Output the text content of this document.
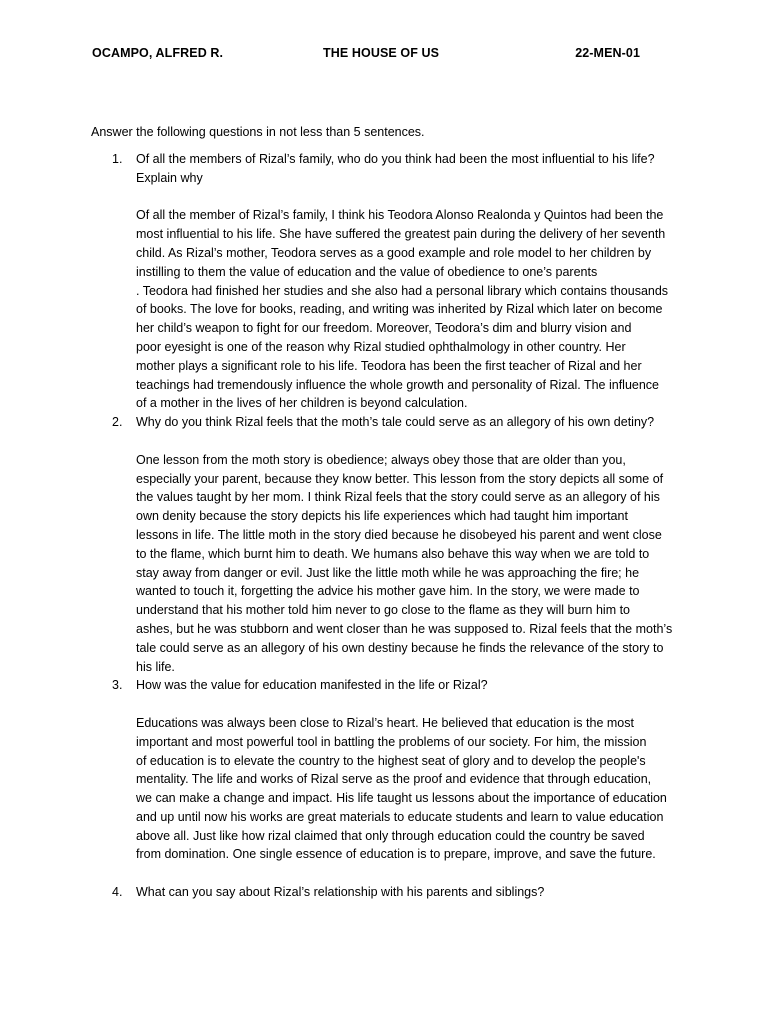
OCAMPO, ALFRED R.	THE HOUSE OF US	22-MEN-01
Answer the following questions in not less than 5 sentences.
1. Of all the members of Rizal’s family, who do you think had been the most influential to his life?
Explain why
Of all the member of Rizal’s family, I think his Teodora Alonso Realonda y Quintos had been the
most influential to his life. She have suffered the greatest pain during the delivery of her seventh
child. As Rizal’s mother, Teodora serves as a good example and role model to her children by
instilling to them the value of education and the value of obedience to one’s parents
. Teodora had finished her studies and she also had a personal library which contains thousands
of books. The love for books, reading, and writing was inherited by Rizal which later on become
her child’s weapon to fight for our freedom. Moreover, Teodora’s dim and blurry vision and
poor eyesight is one of the reason why Rizal studied ophthalmology in other country. Her
mother plays a significant role to his life. Teodora has been the first teacher of Rizal and her
teachings had tremendously influence the whole growth and personality of Rizal. The influence
of a mother in the lives of her children is beyond calculation.
2. Why do you think Rizal feels that the moth’s tale could serve as an allegory of his own detiny?
One lesson from the moth story is obedience; always obey those that are older than you,
especially your parent, because they know better. This lesson from the story depicts all some of
the values taught by her mom. I think Rizal feels that the story could serve as an allegory of his
own denity because the story depicts his life experiences which had taught him important
lessons in life. The little moth in the story died because he disobeyed his parent and went close
to the flame, which burnt him to death. We humans also behave this way when we are told to
stay away from danger or evil. Just like the little moth while he was approaching the fire; he
wanted to touch it, forgetting the advice his mother gave him. In the story, we were made to
understand that his mother told him never to go close to the flame as they will burn him to
ashes, but he was stubborn and went closer than he was supposed to. Rizal feels that the moth’s
tale could serve as an allegory of his own destiny because he finds the relevance of the story to
his life.
3. How was the value for education manifested in the life or Rizal?
Educations was always been close to Rizal’s heart. He believed that education is the most
important and most powerful tool in battling the problems of our society. For him, the mission
of education is to elevate the country to the highest seat of glory and to develop the people's
mentality. The life and works of Rizal serve as the proof and evidence that through education,
we can make a change and impact. His life taught us lessons about the importance of education
and up until now his works are great materials to educate students and learn to value education
above all. Just like how rizal claimed that only through education could the country be saved
from domination. One single essence of education is to prepare, improve, and save the future.
4. What can you say about Rizal’s relationship with his parents and siblings?
